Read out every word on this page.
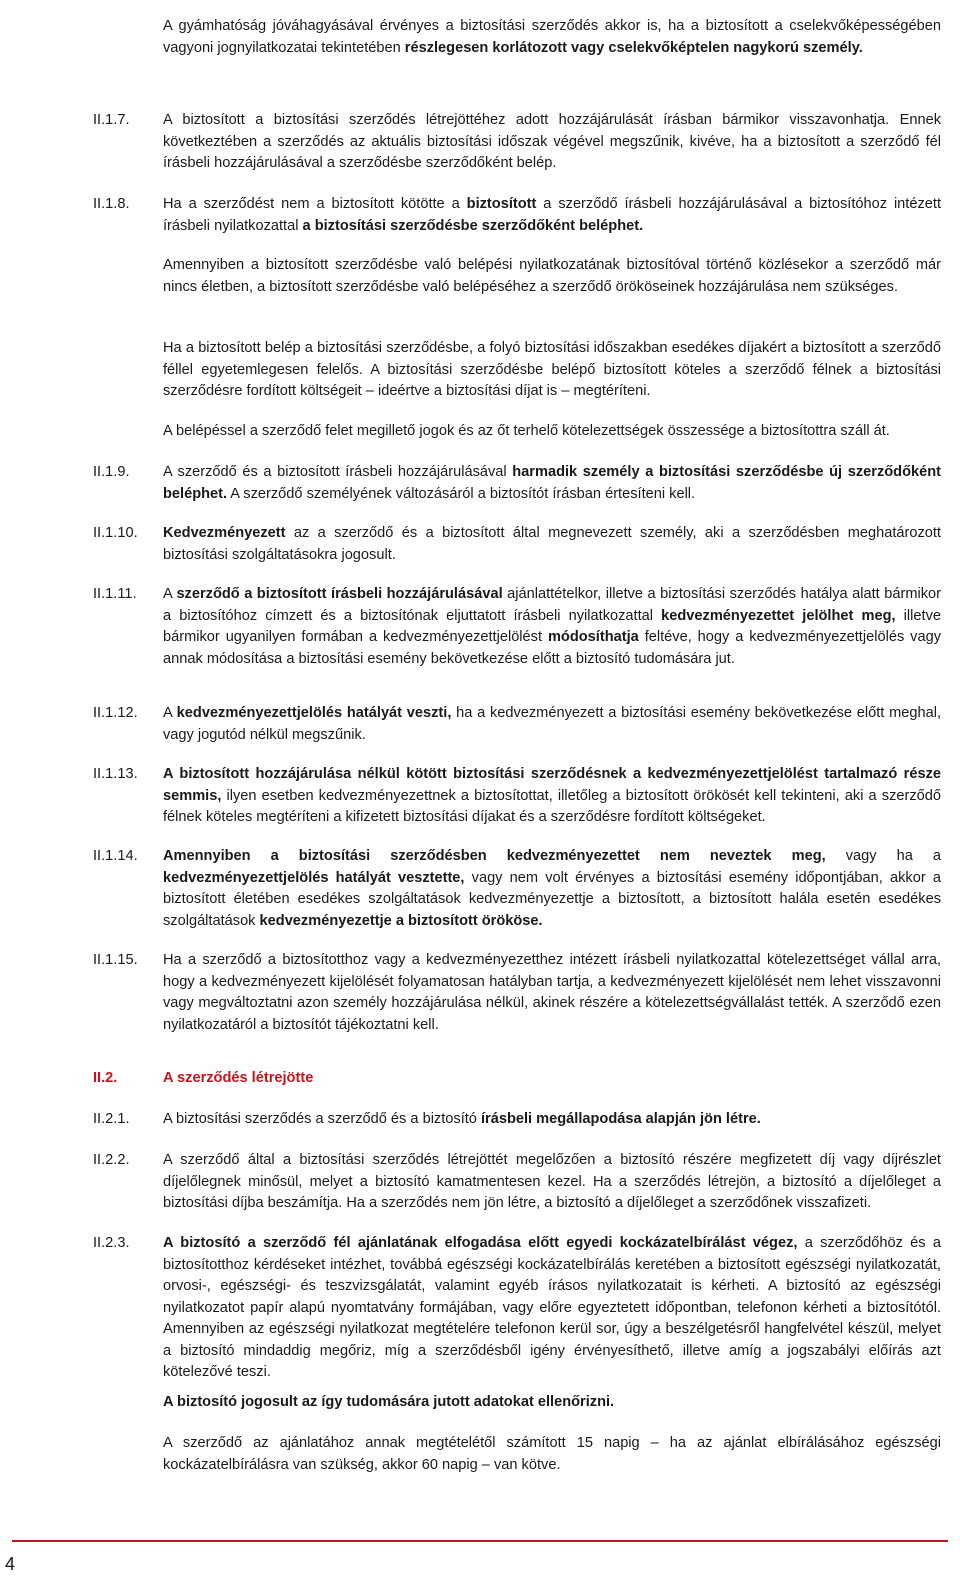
4

A gyámhatóság jóváhagyásával érvényes a biztosítási szerződés akkor is, ha a biztosított a cselekvőképességében vagyoni jognyilatkozatai tekintetében részlegesen korlátozott vagy cselekvőképtelen nagykorú személy.

II.1.7.	A biztosított a biztosítási szerződés létrejöttéhez adott hozzájárulását írásban bármikor visszavonhatja. Ennek következtében a szerződés az aktuális biztosítási időszak végével megszűnik, kivéve, ha a biztosított a szerződő fél írásbeli hozzájárulásával a szerződésbe szerződőként belép.

II.1.8.	Ha a szerződést nem a biztosított kötötte a biztosított a szerződő írásbeli hozzájárulásával a biztosítóhoz intézett írásbeli nyilatkozattal a biztosítási szerződésbe szerződőként beléphet.

Amennyiben a biztosított szerződésbe való belépési nyilatkozatának biztosítóval történő közlésekor a szerződő már nincs életben, a biztosított szerződésbe való belépéséhez a szerződő örököseinek hozzájárulása nem szükséges.

Ha a biztosított belép a biztosítási szerződésbe, a folyó biztosítási időszakban esedékes díjakért a biztosított a szerződő féllel egyetemlegesen felelős. A biztosítási szerződésbe belépő biztosított köteles a szerződő félnek a biztosítási szerződésre fordított költségeit – ideértve a biztosítási díjat is – megtéríteni.

A belépéssel a szerződő felet megillető jogok és az őt terhelő kötelezettségek összessége a biztosítottra száll át.

II.1.9.	A szerződő és a biztosított írásbeli hozzájárulásával harmadik személy a biztosítási szerződésbe új szerződőként beléphet. A szerződő személyének változásáról a biztosítót írásban értesíteni kell.

II.1.10.	Kedvezményezett az a szerződő és a biztosított által megnevezett személy, aki a szerződésben meghatározott biztosítási szolgáltatásokra jogosult.

II.1.11.	A szerződő a biztosított írásbeli hozzájárulásával ajánlattételkor, illetve a biztosítási szerződés hatálya alatt bármikor a biztosítóhoz címzett és a biztosítónak eljuttatott írásbeli nyilatkozattal kedvezményezettet jelölhet meg, illetve bármikor ugyanilyen formában a kedvezményezettjelölést módosíthatja feltéve, hogy a kedvezményezettjelölés vagy annak módosítása a biztosítási esemény bekövetkezése előtt a biztosító tudomására jut.

II.1.12.	A kedvezményezettjelölés hatályát veszti, ha a kedvezményezett a biztosítási esemény bekövetkezése előtt meghal, vagy jogutód nélkül megszűnik.

II.1.13.	A biztosított hozzájárulása nélkül kötött biztosítási szerződésnek a kedvezményezettjelölést tartalmazó része semmis, ilyen esetben kedvezményezettnek a biztosítottat, illetőleg a biztosított örökösét kell tekinteni, aki a szerződő félnek köteles megtéríteni a kifizetett biztosítási díjakat és a szerződésre fordított költségeket.

II.1.14.	Amennyiben a biztosítási szerződésben kedvezményezettet nem neveztek meg, vagy ha a kedvezményezettjelölés hatályát vesztette, vagy nem volt érvényes a biztosítási esemény időpontjában, akkor a biztosított életében esedékes szolgáltatások kedvezményezettje a biztosított, a biztosított halála esetén esedékes szolgáltatások kedvezményezettje a biztosított örököse.

II.1.15.	Ha a szerződő a biztosítotthoz vagy a kedvezményezetthez intézett írásbeli nyilatkozattal kötelezettséget vállal arra, hogy a kedvezményezett kijelölését folyamatosan hatályban tartja, a kedvezményezett kijelölését nem lehet visszavonni vagy megváltoztatni azon személy hozzájárulása nélkül, akinek részére a kötelezettségvállalást tették. A szerződő ezen nyilatkozatáról a biztosítót tájékoztatni kell.

II.2.	A szerződés létrejötte

II.2.1.	A biztosítási szerződés a szerződő és a biztosító írásbeli megállapodása alapján jön létre.

II.2.2.	A szerződő által a biztosítási szerződés létrejöttét megelőzően a biztosító részére megfizetett díj vagy díjrészlet díjelőlegnek minősül, melyet a biztosító kamatmentesen kezel. Ha a szerződés létrejön, a biztosító a díjelőleget a biztosítási díjba beszámítja. Ha a szerződés nem jön létre, a biztosító a díjelőleget a szerződőnek visszafizeti.

II.2.3.	A biztosító a szerződő fél ajánlatának elfogadása előtt egyedi kockázatelbírálást végez, a szerződőhöz és a biztosítotthoz kérdéseket intézhet, továbbá egészségi kockázatelbírálás keretében a biztosított egészségi nyilatkozatát, orvosi-, egészségi- és teszvizsgálatát, valamint egyéb írásos nyilatkozatait is kérheti. A biztosító az egészségi nyilatkozatot papír alapú nyomtatvány formájában, vagy előre egyeztetett időpontban, telefonon kérheti a biztosítótól. Amennyiben az egészségi nyilatkozat megtételére telefonon kerül sor, úgy a beszélgetésről hangfelvétel készül, melyet a biztosító mindaddig megőriz, míg a szerződésből igény érvényesíthető, illetve amíg a jogszabályi előírás azt kötelezővé teszi.

A biztosító jogosult az így tudomására jutott adatokat ellenőrizni.

A szerződő az ajánlatához annak megtételétől számított 15 napig – ha az ajánlat elbírálásához egészségi kockázatelbírálásra van szükség, akkor 60 napig – van kötve.
